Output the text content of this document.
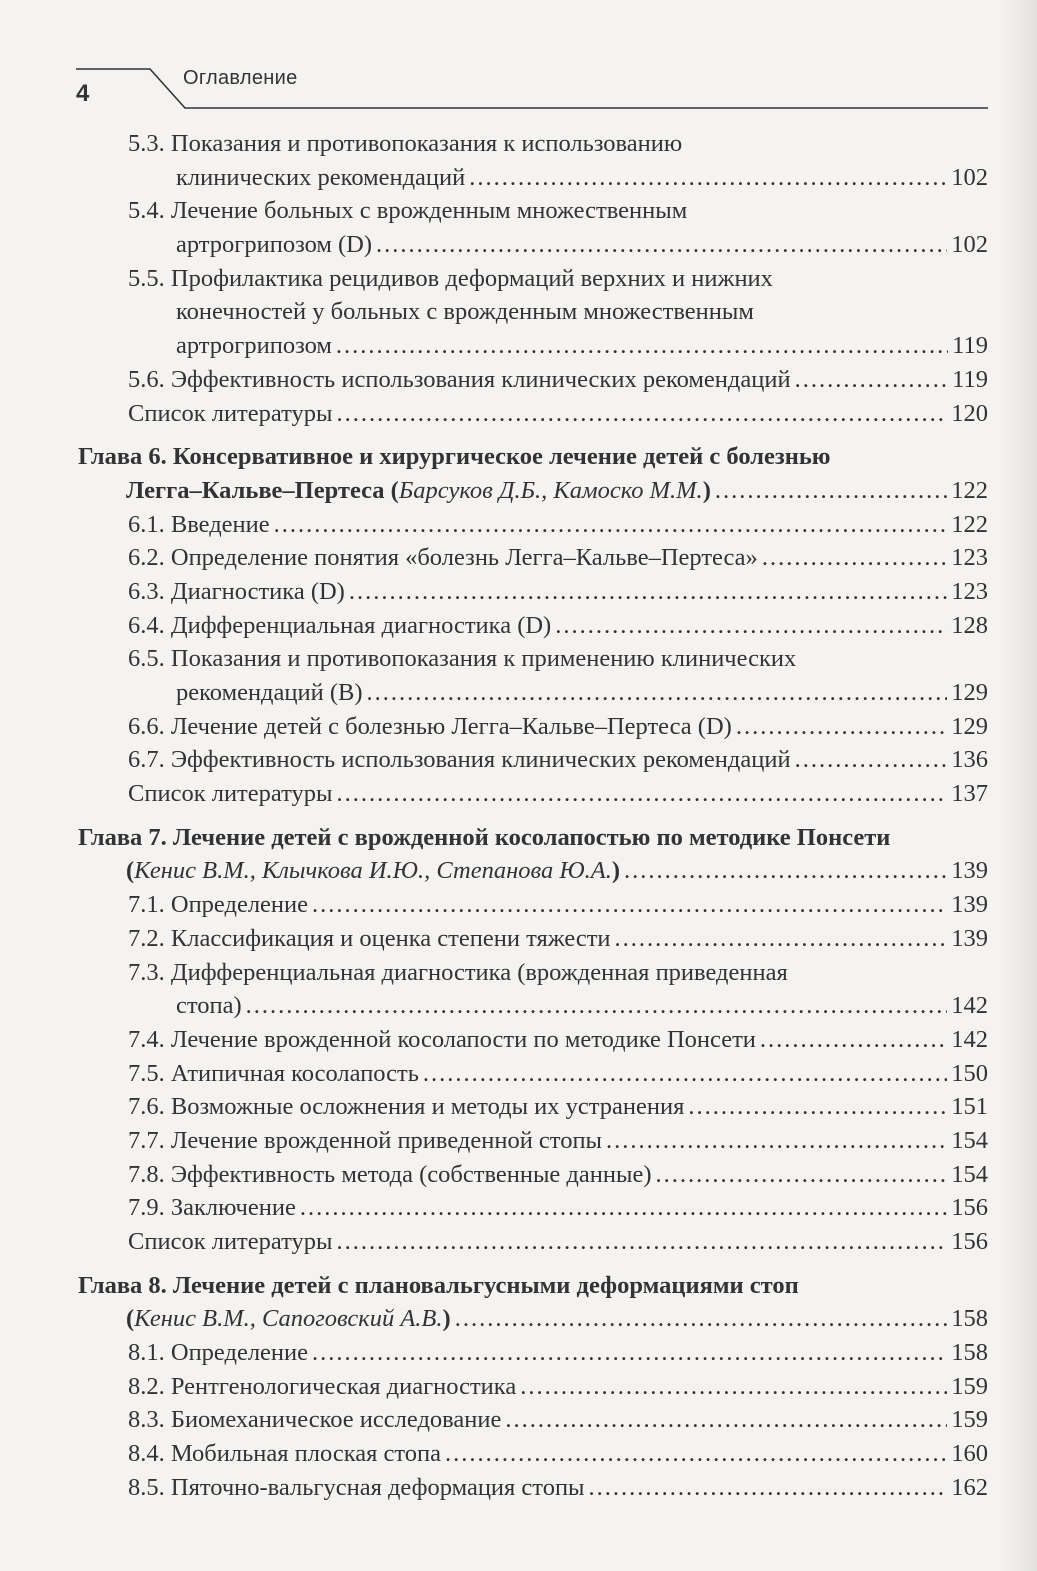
4
Оглавление
5.3. Показания и противопоказания к использованию
клинических рекомендаций .....	102
5.4. Лечение больных с врожденным множественным
артрогрипозом (D) .....	102
5.5. Профилактика рецидивов деформаций верхних и нижних
конечностей у больных с врожденным множественным
артрогрипозом .....	119
5.6. Эффективность использования клинических рекомендаций .....	119
Список литературы .....	120
Глава 6. Консервативное и хирургическое лечение детей с болезнью
Легга–Кальве–Пертеса (Барсуков Д.Б., Камоско М.М.) .....	122
6.1. Введение .....	122
6.2. Определение понятия «болезнь Легга–Кальве–Пертеса» .....	123
6.3. Диагностика (D) .....	123
6.4. Дифференциальная диагностика (D) .....	128
6.5. Показания и противопоказания к применению клинических
рекомендаций (В) .....	129
6.6. Лечение детей с болезнью Легга–Кальве–Пертеса (D) .....	129
6.7. Эффективность использования клинических рекомендаций .....	136
Список литературы .....	137
Глава 7. Лечение детей с врожденной косолапостью по методике Понсети
(Кенис В.М., Клычкова И.Ю., Степанова Ю.А.) .....	139
7.1. Определение .....	139
7.2. Классификация и оценка степени тяжести .....	139
7.3. Дифференциальная диагностика (врожденная приведенная
стопа) .....	142
7.4. Лечение врожденной косолапости по методике Понсети .....	142
7.5. Атипичная косолапость .....	150
7.6. Возможные осложнения и методы их устранения .....	151
7.7. Лечение врожденной приведенной стопы .....	154
7.8. Эффективность метода (собственные данные) .....	154
7.9. Заключение .....	156
Список литературы .....	156
Глава 8. Лечение детей с плановальгусными деформациями стоп
(Кенис В.М., Сапоговский А.В.) .....	158
8.1. Определение .....	158
8.2. Рентгенологическая диагностика .....	159
8.3. Биомеханическое исследование .....	159
8.4. Мобильная плоская стопа .....	160
8.5. Пяточно-вальгусная деформация стопы .....	162
